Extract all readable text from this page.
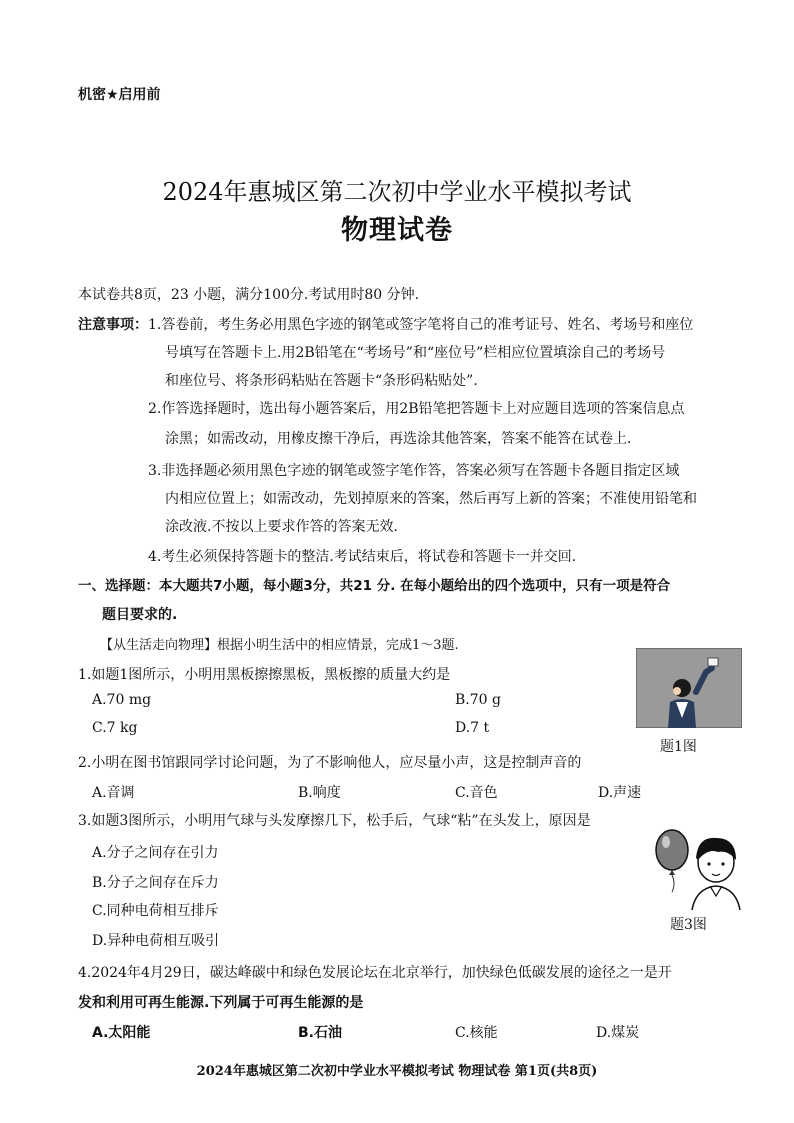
机密★启用前
2024年惠城区第二次初中学业水平模拟考试
物理试卷
本试卷共8页，23 小题，满分100分.考试用时80 分钟.
注意事项： 1.答卷前，考生务必用黑色字迹的钢笔或签字笔将自己的准考证号、姓名、考场号和座位
号填写在答题卡上.用2B铅笔在“考场号”和“座位号”栏相应位置填涂自己的考场号
和座位号、将条形码粘贴在答题卡“条形码粘贴处”.
2.作答选择题时，选出每小题答案后，用2B铅笔把答题卡上对应题目选项的答案信息点
涂黑；如需改动，用橡皮擦干净后，再选涂其他答案，答案不能答在试卷上.
3.非选择题必须用黑色字迹的钢笔或签字笔作答，答案必须写在答题卡各题目指定区域
内相应位置上；如需改动，先划掉原来的答案，然后再写上新的答案；不准使用铅笔和
涂改液.不按以上要求作答的答案无效.
4.考生必须保持答题卡的整洁.考试结束后，将试卷和答题卡一并交回.
一、选择题：本大题共7小题，每小题3分，共21 分. 在每小题给出的四个选项中，只有一项是符合
题目要求的.
【从生活走向物理】根据小明生活中的相应情景，完成1～3题.
1.如题1图所示，小明用黑板擦擦黑板，黑板擦的质量大约是
A.70 mg	B.70 g
C.7 kg	D.7 t
题1图
2.小明在图书馆跟同学讨论问题，为了不影响他人，应尽量小声，这是控制声音的
A.音调	B.响度	C.音色	D.声速
3.如题3图所示，小明用气球与头发摩擦几下，松手后，气球“粘”在头发上，原因是
A.分子之间存在引力
B.分子之间存在斥力
C.同种电荷相互排斥
D.异种电荷相互吸引
题3图
4.2024年4月29日，碳达峰碳中和绿色发展论坛在北京举行，加快绿色低碳发展的途径之一是开
发和利用可再生能源.下列属于可再生能源的是
A.太阳能	B.石油	C.核能	D.煤炭
2024年惠城区第二次初中学业水平模拟考试 物理试卷 第1页(共8页)
